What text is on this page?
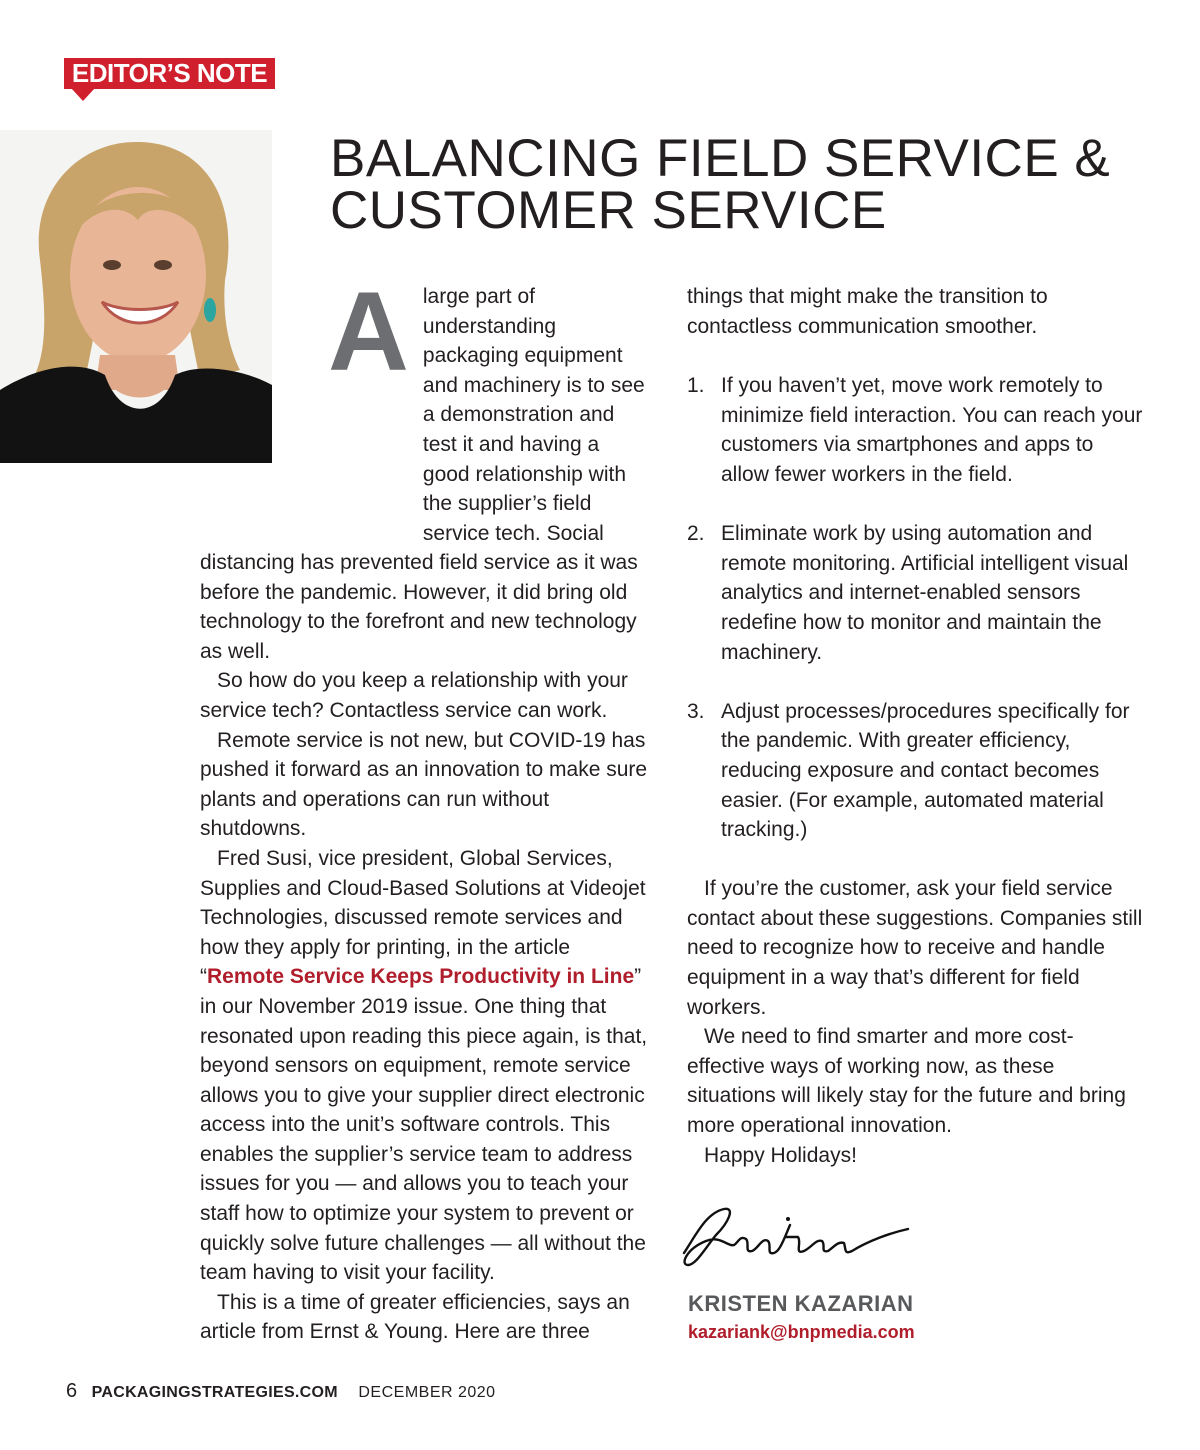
EDITOR’S NOTE
BALANCING FIELD SERVICE &
CUSTOMER SERVICE
A large part of understanding packaging equipment and machinery is to see a demonstration and test it and having a good relationship with the supplier’s field service tech. Social

distancing has prevented field service as it was before the pandemic. However, it did bring old technology to the forefront and new technology as well.

So how do you keep a relationship with your service tech? Contactless service can work.

Remote service is not new, but COVID-19 has pushed it forward as an innovation to make sure plants and operations can run without shutdowns.

Fred Susi, vice president, Global Services, Supplies and Cloud-Based Solutions at Videojet Technologies, discussed remote services and how they apply for printing, in the article “Remote Service Keeps Productivity in Line” in our November 2019 issue. One thing that resonated upon reading this piece again, is that, beyond sensors on equipment, remote service allows you to give your supplier direct electronic access into the unit’s software controls. This enables the supplier’s service team to address issues for you — and allows you to teach your staff how to optimize your system to prevent or quickly solve future challenges — all without the team having to visit your facility.

This is a time of greater efficiencies, says an article from Ernst & Young. Here are three

things that might make the transition to contactless communication smoother.

1. If you haven’t yet, move work remotely to minimize field interaction. You can reach your customers via smartphones and apps to allow fewer workers in the field.
2. Eliminate work by using automation and remote monitoring. Artificial intelligent visual analytics and internet-enabled sensors redefine how to monitor and maintain the machinery.
3. Adjust processes/procedures specifically for the pandemic. With greater efficiency, reducing exposure and contact becomes easier. (For example, automated material tracking.)

If you’re the customer, ask your field service contact about these suggestions. Companies still need to recognize how to receive and handle equipment in a way that’s different for field workers.

We need to find smarter and more cost-effective ways of working now, as these situations will likely stay for the future and bring more operational innovation.

Happy Holidays!

KRISTEN KAZARIAN
kazariank@bnpmedia.com
6 PACKAGINGSTRATEGIES.COM DECEMBER 2020
